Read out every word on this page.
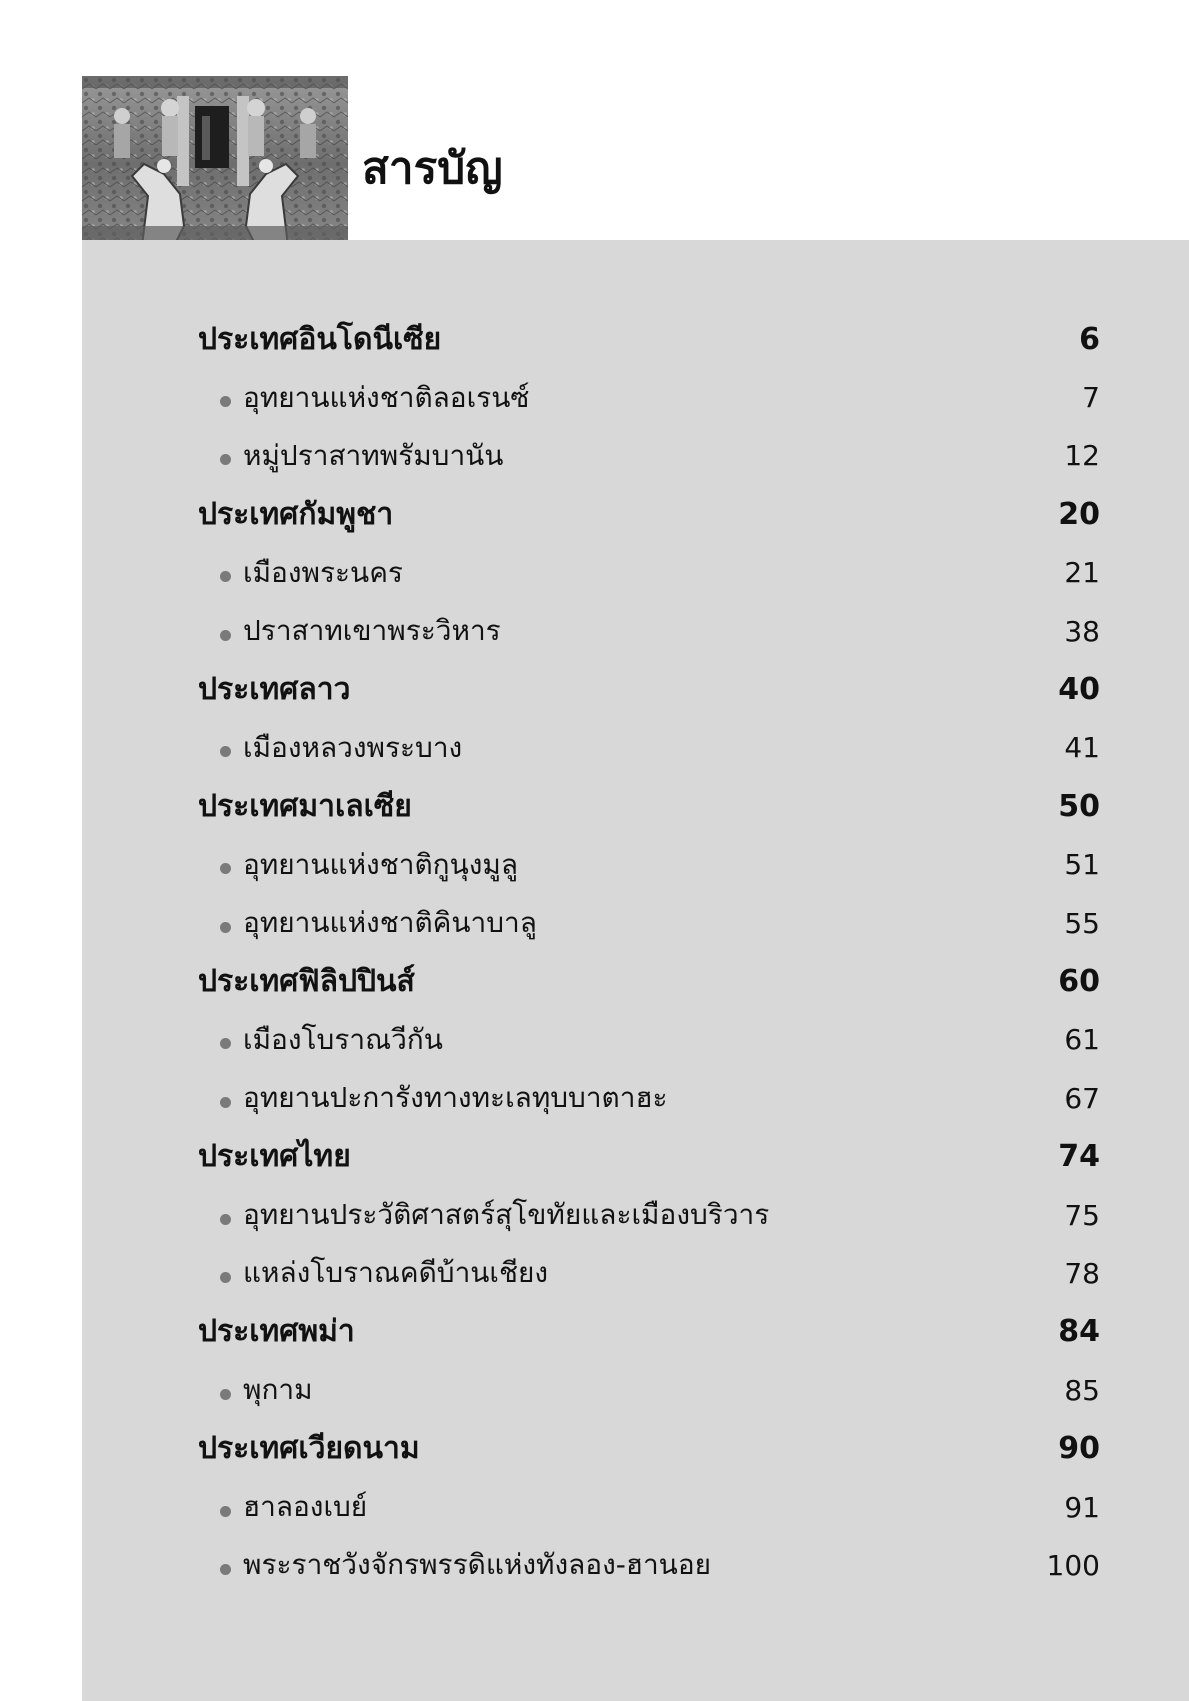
สารบัญ
ประเทศอินโดนีเซีย	6
อุทยานแห่งชาติลอเรนซ์	7
หมู่ปราสาทพรัมบานัน	12
ประเทศกัมพูชา	20
เมืองพระนคร	21
ปราสาทเขาพระวิหาร	38
ประเทศลาว	40
เมืองหลวงพระบาง	41
ประเทศมาเลเซีย	50
อุทยานแห่งชาติกูนุงมูลู	51
อุทยานแห่งชาติคินาบาลู	55
ประเทศฟิลิปปินส์	60
เมืองโบราณวีกัน	61
อุทยานปะการังทางทะเลทุบบาตาฮะ	67
ประเทศไทย	74
อุทยานประวัติศาสตร์สุโขทัยและเมืองบริวาร	75
แหล่งโบราณคดีบ้านเชียง	78
ประเทศพม่า	84
พุกาม	85
ประเทศเวียดนาม	90
ฮาลองเบย์	91
พระราชวังจักรพรรดิแห่งทังลอง-ฮานอย	100
